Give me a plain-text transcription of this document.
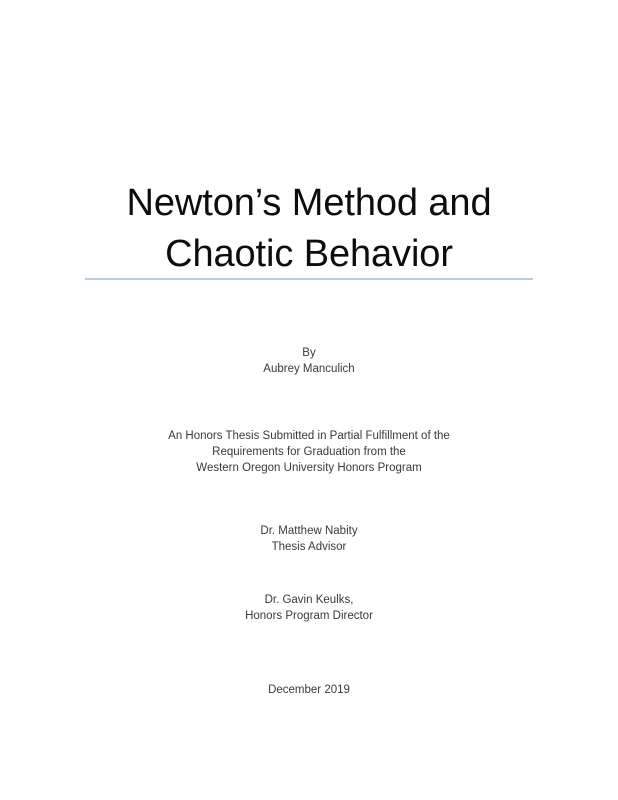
Newton’s Method and
Chaotic Behavior
By
Aubrey Manculich
An Honors Thesis Submitted in Partial Fulfillment of the
Requirements for Graduation from the
Western Oregon University Honors Program
Dr. Matthew Nabity
Thesis Advisor
Dr. Gavin Keulks,
Honors Program Director
December 2019
